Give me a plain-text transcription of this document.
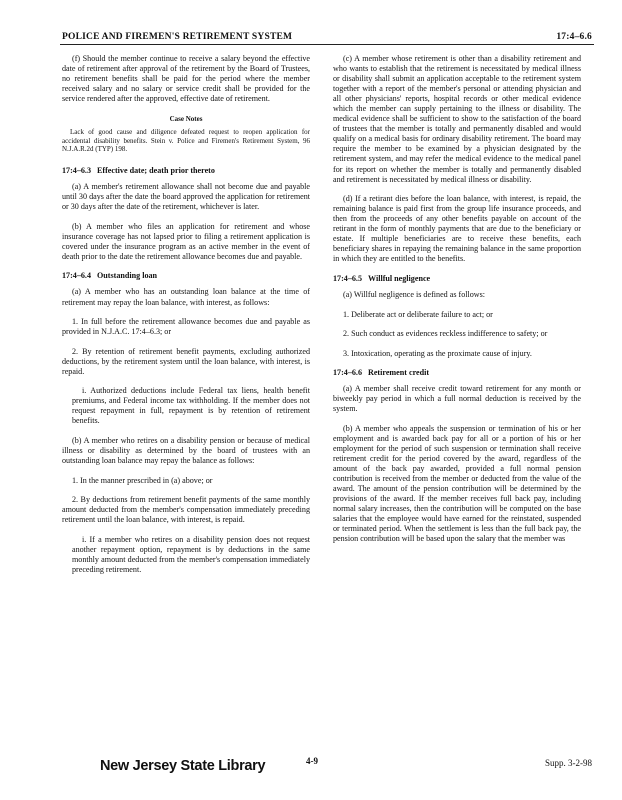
POLICE AND FIREMEN'S RETIREMENT SYSTEM	17:4–6.6

(f) Should the member continue to receive a salary beyond the effective date of retirement after approval of the retirement by the Board of Trustees, no retirement benefits shall be paid for the period where the member received salary and no salary or service credit shall be provided for the service rendered after the approved, effective date of retirement.

Case Notes

Lack of good cause and diligence defeated request to reopen application for accidental disability benefits. Stein v. Police and Firemen's Retirement System, 96 N.J.A.R.2d (TYP) 198.

17:4–6.3 Effective date; death prior thereto

(a) A member's retirement allowance shall not become due and payable until 30 days after the date the board approved the application for retirement or 30 days after the date of the retirement, whichever is later.

(b) A member who files an application for retirement and whose insurance coverage has not lapsed prior to filing a retirement application is covered under the insurance program as an active member in the event of death prior to the date the retirement allowance becomes due and payable.

17:4–6.4 Outstanding loan

(a) A member who has an outstanding loan balance at the time of retirement may repay the loan balance, with interest, as follows:

1. In full before the retirement allowance becomes due and payable as provided in N.J.A.C. 17:4–6.3; or

2. By retention of retirement benefit payments, excluding authorized deductions, by the retirement system until the loan balance, with interest, is repaid.

i. Authorized deductions include Federal tax liens, health benefit premiums, and Federal income tax withholding. If the member does not request repayment in full, repayment is by retention of retirement benefits.

(b) A member who retires on a disability pension or because of medical illness or disability as determined by the board of trustees with an outstanding loan balance may repay the balance as follows:

1. In the manner prescribed in (a) above; or

2. By deductions from retirement benefit payments of the same monthly amount deducted from the member's compensation immediately preceding retirement until the loan balance, with interest, is repaid.

i. If a member who retires on a disability pension does not request another repayment option, repayment is by deductions in the same monthly amount deducted from the member's compensation immediately preceding retirement.

(c) A member whose retirement is other than a disability retirement and who wants to establish that the retirement is necessitated by medical illness or disability shall submit an application acceptable to the retirement system together with a report of the member's personal or attending physician and all other physicians' reports, hospital records or other medical evidence which the member can supply pertaining to the illness or disability. The medical evidence shall be sufficient to show to the satisfaction of the board of trustees that the member is totally and permanently disabled and would qualify on a medical basis for ordinary disability retirement. The board may require the member to be examined by a physician designated by the retirement system, and may refer the medical evidence to the medical panel for its report on whether the member is totally and permanently disabled and retirement is necessitated by medical illness or disability.

(d) If a retirant dies before the loan balance, with interest, is repaid, the remaining balance is paid first from the group life insurance proceeds, and then from the proceeds of any other benefits payable on account of the retirant in the form of monthly payments that are due to the beneficiary or estate. If multiple beneficiaries are to receive these benefits, each beneficiary shares in repaying the remaining balance in the same proportion in which they are entitled to the benefits.

17:4–6.5 Willful negligence

(a) Willful negligence is defined as follows:

1. Deliberate act or deliberate failure to act; or

2. Such conduct as evidences reckless indifference to safety; or

3. Intoxication, operating as the proximate cause of injury.

17:4–6.6 Retirement credit

(a) A member shall receive credit toward retirement for any month or biweekly pay period in which a full normal deduction is received by the system.

(b) A member who appeals the suspension or termination of his or her employment and is awarded back pay for all or a portion of his or her employment for the period of such suspension or termination shall receive retirement credit for the period covered by the award, regardless of the amount of the back pay awarded, provided a full normal pension contribution is received from the member or deducted from the value of the award. The amount of the pension contribution will be determined by the provisions of the award. If the member receives full back pay, including normal salary increases, then the contribution will be computed on the base salaries that the employee would have earned for the reinstated, suspended or terminated period. When the settlement is less than the full back pay, the pension contribution will be based upon the salary that the member was

New Jersey State Library	4-9	Supp. 3-2-98
